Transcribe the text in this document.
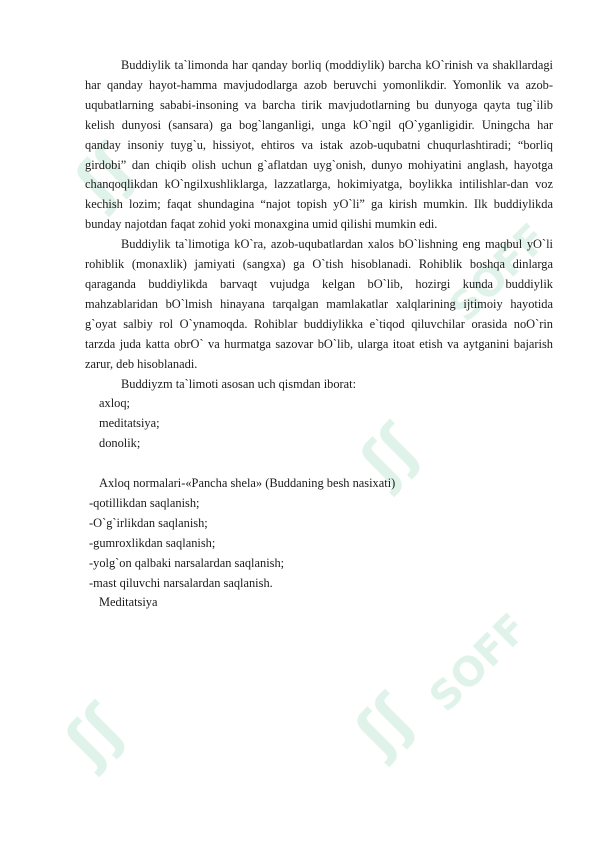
ʃʃ
SOFF
ʃʃ
ʃʃ	ʃʃ
SOFF

Buddiylik ta`limonda har qanday borliq (moddiylik) barcha kO`rinish va shakllardagi har qanday hayot-hamma mavjudodlarga azob beruvchi yomonlikdir. Yomonlik va azob-uqubatlarning sababi-insoning va barcha tirik mavjudotlarning bu dunyoga qayta tug`ilib kelish dunyosi (sansara) ga bog`langanligi, unga kO`ngil qO`yganligidir. Uningcha har qanday insoniy tuyg`u, hissiyot, ehtiros va istak azob-uqubatni chuqurlashtiradi; “borliq girdobi” dan chiqib olish uchun g`aflatdan uyg`onish, dunyo mohiyatini anglash, hayotga chanqoqlikdan kO`ngilxushliklarga, lazzatlarga, hokimiyatga, boylikka intilishlar-dan voz kechish lozim; faqat shundagina “najot topish yO`li” ga kirish mumkin. Ilk buddiylikda bunday najotdan faqat zohid yoki monaxgina umid qilishi mumkin edi.

Buddiylik ta`limotiga kO`ra, azob-uqubatlardan xalos bO`lishning eng maqbul yO`li rohiblik (monaxlik) jamiyati (sangxa) ga O`tish hisoblanadi. Rohiblik boshqa dinlarga qaraganda buddiylikda barvaqt vujudga kelgan bO`lib, hozirgi kunda buddiylik mahzablaridan bO`lmish hinayana tarqalgan mamlakatlar xalqlarining ijtimoiy hayotida g`oyat salbiy rol O`ynamoqda. Rohiblar buddiylikka e`tiqod qiluvchilar orasida noO`rin tarzda juda katta obrO` va hurmatga sazovar bO`lib, ularga itoat etish va aytganini bajarish zarur, deb hisoblanadi.

Buddiyzm ta`limoti asosan uch qismdan iborat:

axloq;

meditatsiya;

donolik;

Axloq normalari-«Pancha shela» (Buddaning besh nasixati)

-qotillikdan saqlanish;

-O`g`irlikdan saqlanish;

-gumroxlikdan saqlanish;

-yolg`on qalbaki narsalardan saqlanish;

-mast qiluvchi narsalardan saqlanish.

Meditatsiya
